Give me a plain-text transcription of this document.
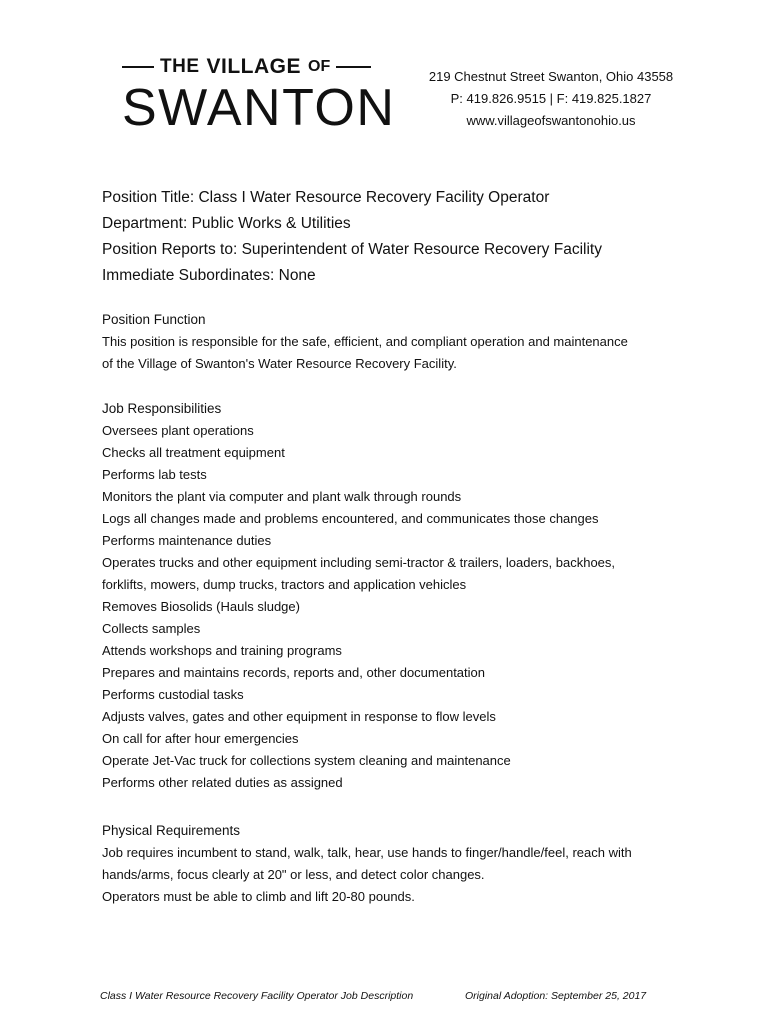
THE VILLAGE OF
SWANTON
219 Chestnut Street Swanton, Ohio 43558
P: 419.826.9515 | F: 419.825.1827
www.villageofswantonohio.us
Position Title: Class I Water Resource Recovery Facility Operator
Department: Public Works & Utilities
Position Reports to: Superintendent of Water Resource Recovery Facility
Immediate Subordinates: None
Position Function
This position is responsible for the safe, efficient, and compliant operation and maintenance
of the Village of Swanton's Water Resource Recovery Facility.
Job Responsibilities
Oversees plant operations
Checks all treatment equipment
Performs lab tests
Monitors the plant via computer and plant walk through rounds
Logs all changes made and problems encountered, and communicates those changes
Performs maintenance duties
Operates trucks and other equipment including semi-tractor & trailers, loaders, backhoes,
forklifts, mowers, dump trucks, tractors and application vehicles
Removes Biosolids (Hauls sludge)
Collects samples
Attends workshops and training programs
Prepares and maintains records, reports and, other documentation
Performs custodial tasks
Adjusts valves, gates and other equipment in response to flow levels
On call for after hour emergencies
Operate Jet-Vac truck for collections system cleaning and maintenance
Performs other related duties as assigned
Physical Requirements
Job requires incumbent to stand, walk, talk, hear, use hands to finger/handle/feel, reach with
hands/arms, focus clearly at 20" or less, and detect color changes.
Operators must be able to climb and lift 20-80 pounds.
Class I Water Resource Recovery Facility Operator Job Description	Original Adoption: September 25, 2017
